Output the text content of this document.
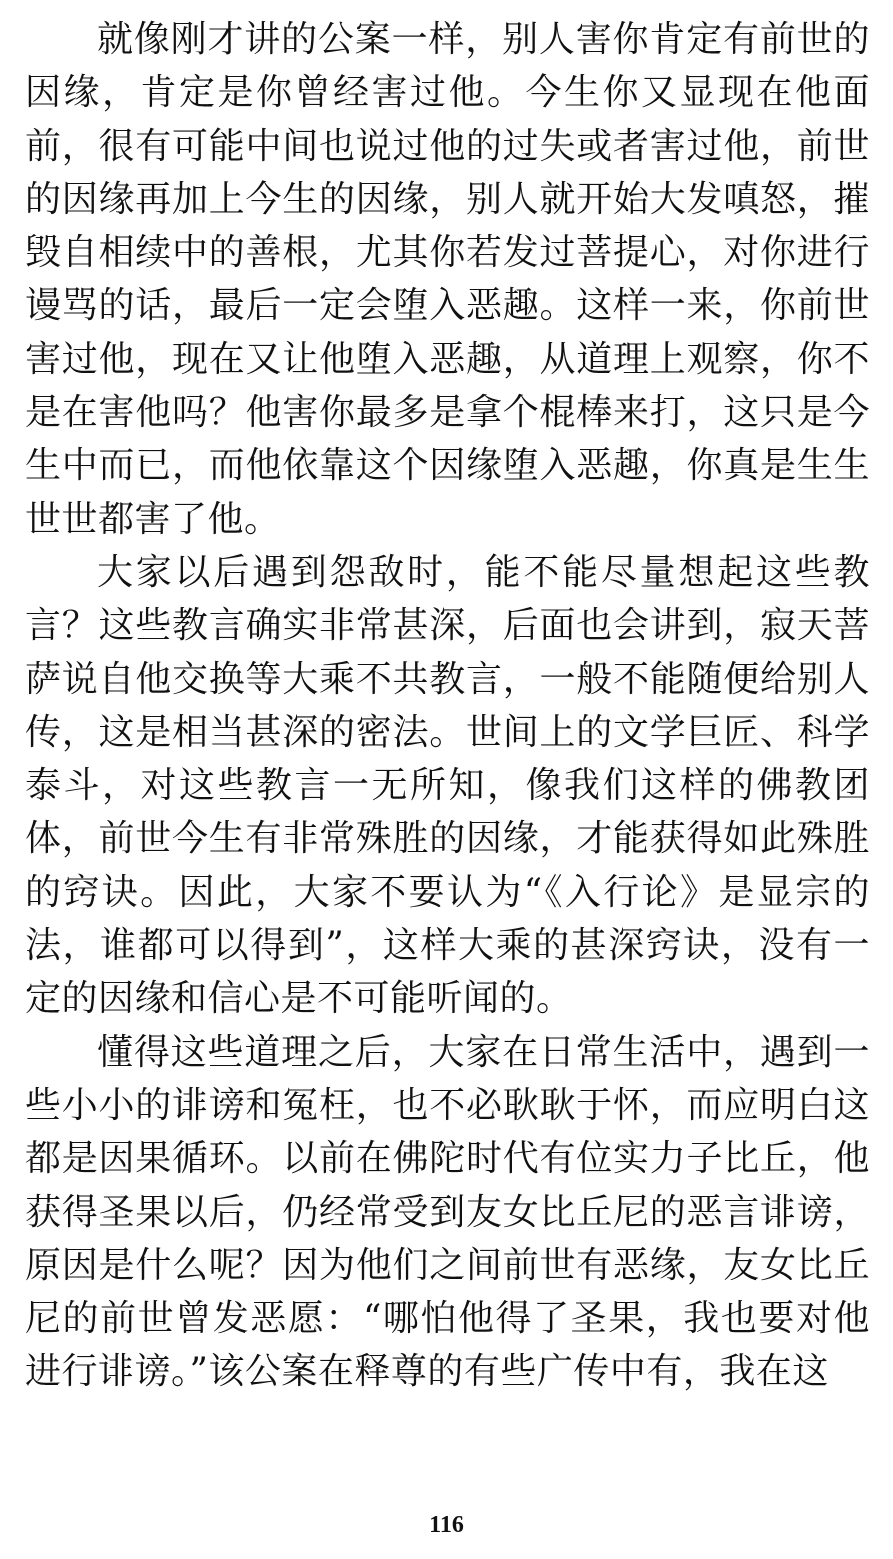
就像刚才讲的公案一样，别人害你肯定有前世的因缘，肯定是你曾经害过他。今生你又显现在他面前，很有可能中间也说过他的过失或者害过他，前世的因缘再加上今生的因缘，别人就开始大发嗔怒，摧毁自相续中的善根，尤其你若发过菩提心，对你进行谩骂的话，最后一定会堕入恶趣。这样一来，你前世害过他，现在又让他堕入恶趣，从道理上观察，你不是在害他吗？他害你最多是拿个棍棒来打，这只是今生中而已，而他依靠这个因缘堕入恶趣，你真是生生世世都害了他。

大家以后遇到怨敌时，能不能尽量想起这些教言？这些教言确实非常甚深，后面也会讲到，寂天菩萨说自他交换等大乘不共教言，一般不能随便给别人传，这是相当甚深的密法。世间上的文学巨匠、科学泰斗，对这些教言一无所知，像我们这样的佛教团体，前世今生有非常殊胜的因缘，才能获得如此殊胜的窍诀。因此，大家不要认为“《入行论》是显宗的法，谁都可以得到”，这样大乘的甚深窍诀，没有一定的因缘和信心是不可能听闻的。

懂得这些道理之后，大家在日常生活中，遇到一些小小的诽谤和冤枉，也不必耿耿于怀，而应明白这都是因果循环。以前在佛陀时代有位实力子比丘，他获得圣果以后，仍经常受到友女比丘尼的恶言诽谤，原因是什么呢？因为他们之间前世有恶缘，友女比丘尼的前世曾发恶愿：“哪怕他得了圣果，我也要对他进行诽谤。”该公案在释尊的有些广传中有，我在这

116
